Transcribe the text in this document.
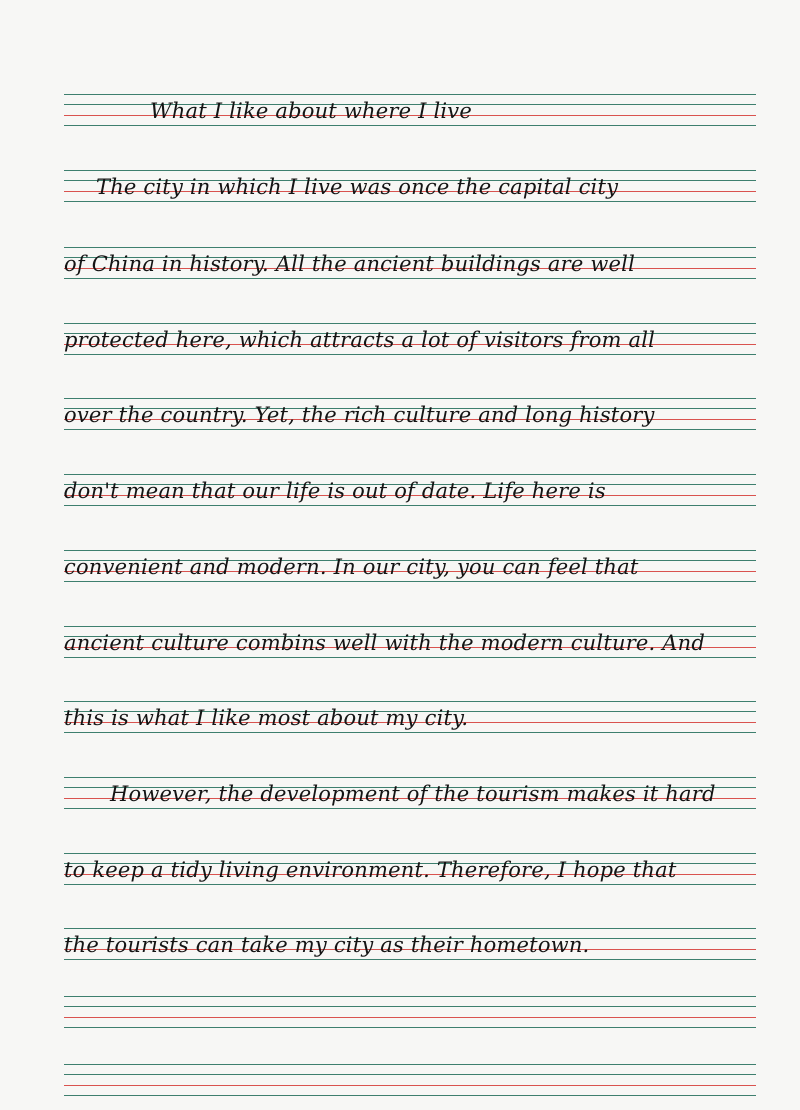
What I like about where I live
The city in which I live was once the capital city
of China in history. All the ancient buildings are well
protected here, which attracts a lot of visitors from all
over the country. Yet, the rich culture and long history
don't mean that our life is out of date. Life here is
convenient and modern. In our city, you can feel that
ancient culture combins well with the modern culture. And
this is what I like most about my city.
However, the development of the tourism makes it hard
to keep a tidy living environment. Therefore, I hope that
the tourists can take my city as their hometown.
